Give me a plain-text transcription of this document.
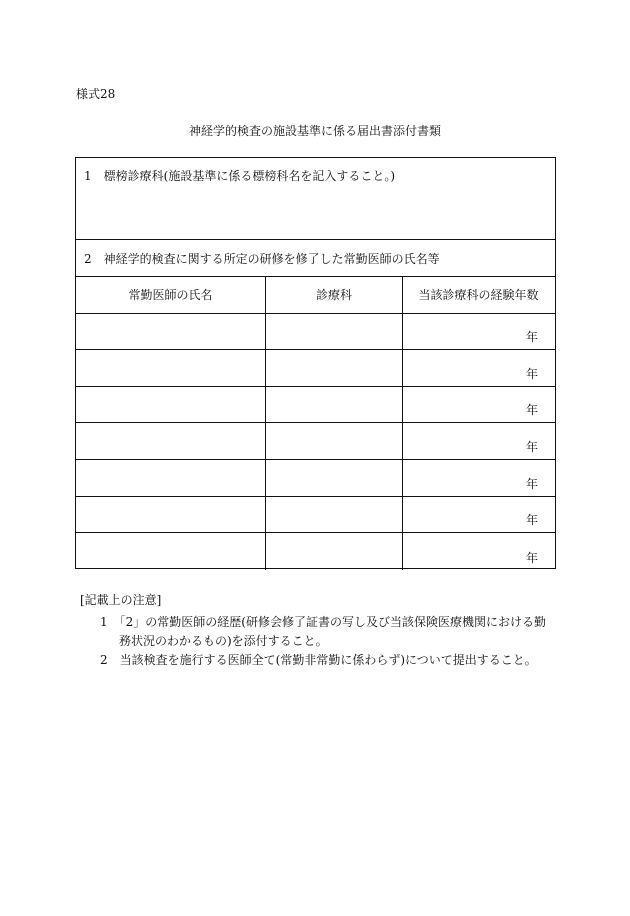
様式28
神経学的検査の施設基準に係る届出書添付書類
1　標榜診療科(施設基準に係る標榜科名を記入すること。)
2　神経学的検査に関する所定の研修を修了した常勤医師の氏名等
常勤医師の氏名	診療科	当該診療科の経験年数
年
年
年
年
年
年
年
[記載上の注意]
1　「2」の常勤医師の経歴(研修会修了証書の写し及び当該保険医療機関における勤
務状況のわかるもの)を添付すること。
2　当該検査を施行する医師全て(常勤非常勤に係わらず)について提出すること。
